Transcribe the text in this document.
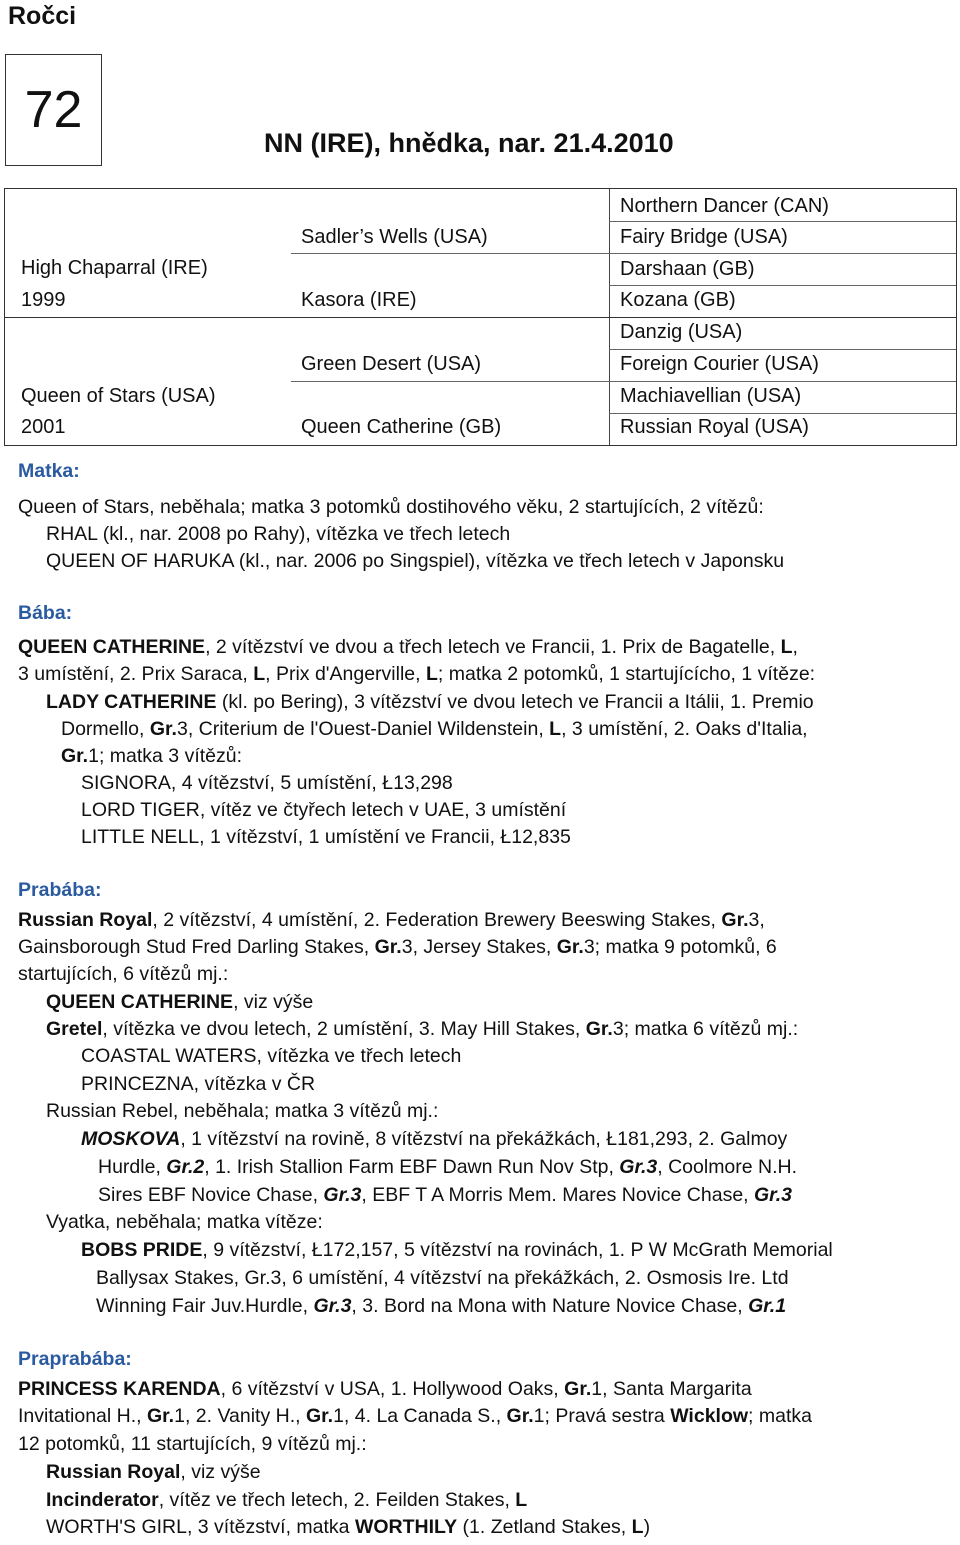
Ročci
72
NN (IRE), hnědka, nar. 21.4.2010
High Chaparral (IRE)
1999
Queen of Stars (USA)
2001
Sadler’s Wells (USA)
Kasora (IRE)
Green Desert (USA)
Queen Catherine (GB)
Northern Dancer (CAN)
Fairy Bridge (USA)
Darshaan (GB)
Kozana (GB)
Danzig (USA)
Foreign Courier (USA)
Machiavellian (USA)
Russian Royal (USA)
Matka:
Queen of Stars, neběhala; matka 3 potomků dostihového věku, 2 startujících, 2 vítězů:
RHAL (kl., nar. 2008 po Rahy), vítězka ve třech letech
QUEEN OF HARUKA (kl., nar. 2006 po Singspiel), vítězka ve třech letech v Japonsku
Bába:
QUEEN CATHERINE, 2 vítězství ve dvou a třech letech ve Francii, 1. Prix de Bagatelle, L,
3 umístění, 2. Prix Saraca, L, Prix d'Angerville, L; matka 2 potomků, 1 startujícícho, 1 vítěze:
LADY CATHERINE (kl. po Bering), 3 vítězství ve dvou letech ve Francii a Itálii, 1. Premio
Dormello, Gr.3, Criterium de l'Ouest-Daniel Wildenstein, L, 3 umístění, 2. Oaks d'Italia,
Gr.1; matka 3 vítězů:
SIGNORA, 4 vítězství, 5 umístění, Ł13,298
LORD TIGER, vítěz ve čtyřech letech v UAE, 3 umístění
LITTLE NELL, 1 vítězství, 1 umístění ve Francii, Ł12,835
Prabába:
Russian Royal, 2 vítězství, 4 umístění, 2. Federation Brewery Beeswing Stakes, Gr.3,
Gainsborough Stud Fred Darling Stakes, Gr.3, Jersey Stakes, Gr.3; matka 9 potomků, 6
startujících, 6 vítězů mj.:
QUEEN CATHERINE, viz výše
Gretel, vítězka ve dvou letech, 2 umístění, 3. May Hill Stakes, Gr.3; matka 6 vítězů mj.:
COASTAL WATERS, vítězka ve třech letech
PRINCEZNA, vítězka v ČR
Russian Rebel, neběhala; matka 3 vítězů mj.:
MOSKOVA, 1 vítězství na rovině, 8 vítězství na překážkách, Ł181,293, 2. Galmoy
Hurdle, Gr.2, 1. Irish Stallion Farm EBF Dawn Run Nov Stp, Gr.3, Coolmore N.H.
Sires EBF Novice Chase, Gr.3, EBF T A Morris Mem. Mares Novice Chase, Gr.3
Vyatka, neběhala; matka vítěze:
BOBS PRIDE, 9 vítězství, Ł172,157, 5 vítězství na rovinách, 1. P W McGrath Memorial
Ballysax Stakes, Gr.3, 6 umístění, 4 vítězství na překážkách, 2. Osmosis Ire. Ltd
Winning Fair Juv.Hurdle, Gr.3, 3. Bord na Mona with Nature Novice Chase, Gr.1
Praprabába:
PRINCESS KARENDA, 6 vítězství v USA, 1. Hollywood Oaks, Gr.1, Santa Margarita
Invitational H., Gr.1, 2. Vanity H., Gr.1, 4. La Canada S., Gr.1; Pravá sestra Wicklow; matka
12 potomků, 11 startujících, 9 vítězů mj.:
Russian Royal, viz výše
Incinderator, vítěz ve třech letech, 2. Feilden Stakes, L
WORTH'S GIRL, 3 vítězství, matka WORTHILY (1. Zetland Stakes, L)
